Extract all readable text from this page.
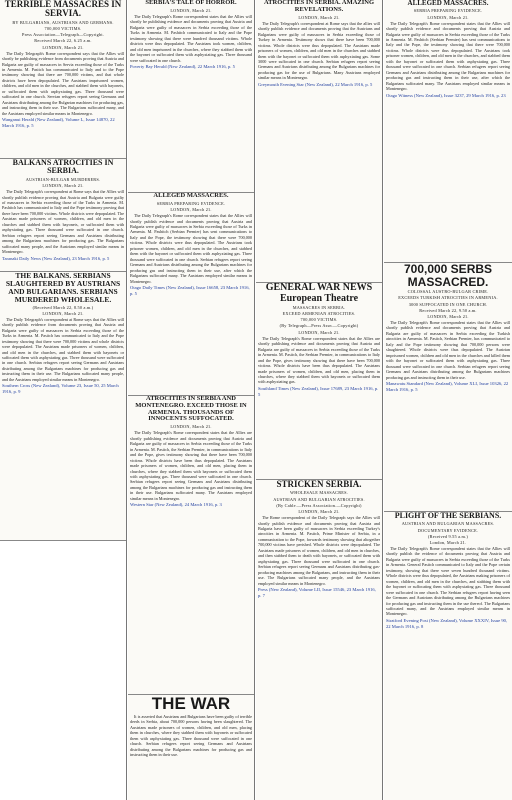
TERRIBLE MASSACRES IN SERVIA.
BY BULGARIANS, AUSTRIANS AND GERMANS.
700,000 VICTIMS.
Press Association—Telegraph—Copyright.
Received March 22, 6.25 a.m.
LONDON, March 21.
The Daily Telegraph's Rome correspondent says that the Allies will shortly be publishing evidence from documents proving that Austria and Bulgaria are guilty of massacres in Servia exceeding those of the Turks in Armenia. M. Pasitch has communicated to Italy and to the Pope testimony showing that there are 700,000 victims, and that whole districts have been depopulated. The Austrians imprisoned women, children, and old men in the churches, and stabbed them with bayonets, or suffocated them with asphyxiating gas. Three thousand were suffocated in one church. Servian refugees report seeing Germans and Austrians distributing among the Bulgarian machines for producing gas, and instructing them in their use. The Bulgarians suffocated many, and the Austrians employed similar means in Montenegro.
Wanganui Herald (New Zealand), Volume L, Issue 14870, 22 March 1916, p. 5
BALKANS ATROCITIES IN SERBIA.
AUSTRIAN-BULGAR MURDERERS.
LONDON, March 21.
The Daily Telegraph's correspondent at Rome says that the Allies will shortly publish evidence proving that Austria and Bulgaria were guilty of massacres in Serbia exceeding those of the Turks in Armenia. M. Pashitch has communicated to Italy and the Pope testimony proving that there have been 700,000 victims. Whole districts were depopulated. The Austrian made prisoners of women, children, and old men in the churches and stabbed them with bayonets, or suffocated them with asphyxiating gas. Three thousand were suffocated in one church. Serbian refugees report seeing Germans and Austrians distributing among the Bulgarians machines for producing gas. The Bulgarians suffocated many people, and the Austrians employed similar means in Montenegro.
Taranaki Daily News (New Zealand), 23 March 1916, p. 5
THE BALKANS. SERBIANS SLAUGHTERED BY AUSTRIANS AND BULGARIANS. SERBIANS MURDERED WHOLESALE.
(Received March 22, 8.50 a.m.)
LONDON, March 21.
The Daily Telegraph's correspondent at Rome says that the Allies will shortly publish evidence from documents proving that Austria and Bulgaria were guilty of massacres in Serbia exceeding those of the Turks in Armenia. M. Pasitch has communicated to Italy and the Pope testimony showing that there were 700,000 victims and whole districts were depopulated. The Austrians made prisoners of women, children, and old men in the churches, and stabbed them with bayonets or suffocated them with asphyxiating gas. Three thousand were suffocated in one church. Serbian refugees report seeing Germans and Austrians distributing among the Bulgarians machines for producing gas and instructing them in their use. The Bulgarians suffocated many people, and the Austrians employed similar means in Montenegro.
Southern Cross (New Zealand), Volume 23, Issue 50, 25 March 1916, p. 9
SERBIA'S TALE OF HORROR.
LONDON, March 21.
The Daily Telegraph's Rome correspondent states that the Allies will shortly be publishing evidence and documents proving that Austria and Bulgaria were guilty of massacres in Serbia exceeding those of the Turks in Armenia. M. Pashitch communicated to Italy and the Pope testimony showing that there were hundred thousand victims. Whole districts were thus depopulated. The Austrians took women, children, and old men imprisoned in the churches, where they stabbed them with the bayonet or suffocated them with asphyxiating gas. Three thousand were suffocated in one church.
Poverty Bay Herald (New Zealand), 22 March 1916, p. 5
ALLEGED MASSACRES.
SERBIA PREPARING EVIDENCE.
LONDON, March 21.
The Daily Telegraph's Rome correspondent states that the Allies will shortly publish evidence and documents proving that Austria and Bulgaria were guilty of massacres in Serbia exceeding those of Turks in Armenia. M. Pashitch (Serbian Premier) has sent communications to Italy and the Pope, the testimony showing that there were 700,000 victims. Whole districts were thus depopulated. The Austrians took prisoner women, children, and old men in the churches, and stabbed them with the bayonet or suffocated them with asphyxiating gas. Three thousand were suffocated in one church. Serbian refugees report seeing Germans and Austrians distributing among the Bulgarians machines for producing gas and instructing them in their use, after which the Bulgarians suffocated many. The Austrians employed similar means in Montenegro.
Otago Daily Times (New Zealand), Issue 16658, 23 March 1916, p. 5
ATROCITIES IN SERBIA AND MONTENEGRO. EXCEED THOSE IN ARMENIA. THOUSANDS OF INNOCENTS SUFFOCATED.
LONDON, March 21.
The Daily Telegraph's Rome correspondent states that the Allies are shortly publishing evidence and documents proving that Austria and Bulgaria are guilty of massacres in Serbia exceeding those of the Turks in Armenia. M. Pasitch, the Serbian Premier, in communications to Italy and the Pope, gives testimony showing that there have been 700,000 victims. Whole districts have been thus depopulated. The Austrians made prisoners of women, children, and old men, placing them in churches, where they stabbed them with bayonets or suffocated them with asphyxiating gas. Three thousand were suffocated in one church. Serbian refugees report seeing Germans and Austrians distributing among the Bulgarians machines for producing gas and instructing them in their use. Bulgarians suffocated many. The Austrians employed similar means in Montenegro.
Western Star (New Zealand), 24 March 1916, p. 3
THE WAR
It is asserted that Austrians and Bulgarians have been guilty of terrible deeds in Serbia, about 700,000 persons having been slaughtered. The Austrians made prisoners of women, children, and old men, placing them in churches, where they stabbed them with bayonets or suffocated them with asphyxiating gas. Three thousand were suffocated in one church. Serbian refugees report seeing Germans and Austrians distributing among the Bulgarians machines for producing gas and instructing them in their use.
ATROCITIES IN SERBIA. AMAZING REVELATIONS.
LONDON, March 21.
The Daily Telegraph's correspondent at Rome says that the allies will shortly publish evidence and documents proving that the Austrians and Bulgarians were guilty of massacres in Serbia exceeding those of Turkey in Armenia. Testimony shows that there have been 700,000 victims. Whole districts were thus depopulated. The Austrians made prisoners of women, children, and old men in the churches and stabbed them with the bayonet or suffocated them with asphyxiating gas. Some 3000 were suffocated in one church. Serbian refugees report seeing Germans and Austrians distributing among the Bulgarians machines for producing gas for the use of Bulgarians. Many Austrians employed similar means in Montenegro.
Greymouth Evening Star (New Zealand), 22 March 1916, p. 5
GENERAL WAR NEWS European Theatre
MASSACRES IN SERBIA.
EXCEED ARMENIAN ATROCITIES.
700,000 VICTIMS.
(By Telegraph—Press Assn.—Copyright)
LONDON, March 21.
The Daily Telegraph's Rome correspondent states that the Allies are shortly publishing evidence and documents proving that Austria and Bulgaria are guilty of massacres in Serbia exceeding those of the Turks in Armenia. M. Pasitch, the Serbian Premier, in communications to Italy and the Pope, gives testimony showing that there have been 700,000 victims. Whole districts have been thus depopulated. The Austrians made prisoners of women, children, and old men, placing them in churches, where they stabbed them with bayonets or suffocated them with asphyxiating gas.
Southland Times (New Zealand), Issue 17689, 23 March 1916, p. 5
STRICKEN SERBIA.
WHOLESALE MASSACRES.
AUSTRIAN AND BULGARIAN ATROCITIES.
(By Cable.—Press Association.—Copyright)
LONDON, March 21.
The Rome correspondent of the Daily Telegraph says the Allies will shortly publish evidence and documents proving that Austria and Bulgaria have been guilty of massacres in Serbia exceeding Turkey's atrocities in Armenia. M. Pasitch, Prime Minister of Serbia, in a communication to the Pope, forwards testimony showing that altogether 700,000 victims have perished. Whole districts were depopulated. The Austrians made prisoners of women, children, and old men in churches, and then stabbed them to death with bayonets, or suffocated them with asphyxiating gas. Three thousand were suffocated in one church. Serbian refugees report seeing Germans and Austrians distributing gas-producing machines among the Bulgarians, and instructing them in their use. The Bulgarians suffocated many people, and the Austrians employed similar means in Montenegro.
Press (New Zealand), Volume LII, Issue 15546, 23 March 1916, p. 7
ALLEGED MASSACRES.
SERBIA PREPARING EVIDENCE.
LONDON, March 21.
The Daily Telegraph's Rome correspondent states that the Allies will shortly publish evidence and documents proving that Austria and Bulgaria were guilty of massacres in Serbia exceeding those of the Turks in Armenia. M. Pashitch (Serbian Premier) has sent communications to Italy and the Pope, the testimony showing that there were 700,000 victims. Whole districts were thus depopulated. The Austrians took prisoner women, children, and old men in the churches, and stabbed them with the bayonet or suffocated them with asphyxiating gas. Three thousand were suffocated in one church. Serbian refugees report seeing Germans and Austrians distributing among the Bulgarians machines for producing gas and instructing them in their use, after which the Bulgarians suffocated many. The Austrians employed similar means in Montenegro.
Otago Witness (New Zealand), Issue 3237, 29 March 1916, p. 23
700,000 SERBS MASSACRED.
COLOSSAL AUSTRO-BULGAR CRIME.
EXCEEDS TURKISH ATROCITIES IN ARMENIA.
3000 SUFFOCATED IN ONE CHURCH.
Received March 22, 9.50 a.m.
LONDON, March 21.
The Daily Telegraph's Rome correspondent states that the Allies will shortly publish evidence and documents proving that Austria and Bulgaria are guilty of massacres in Serbia exceeding the Turkish atrocities in Armenia. M. Pasitch, Serbian Premier, has communicated to Italy and the Pope testimony showing that 700,000 persons were slaughtered. Whole districts were thus depopulated. The Austrian imprisoned women, children and old men in the churches and killed them with the bayonet or suffocated them with asphyxiating gas. Three thousand were suffocated in one church. Serbian refugees report seeing Germans and Austrians distributing among the Bulgarians machines producing gas and instructing them in their use.
Manawatu Standard (New Zealand), Volume XLI, Issue 10326, 22 March 1916, p. 5
PLIGHT OF THE SERBIANS.
AUSTRIAN AND BULGARIAN MASSACRES.
DOCUMENTARY EVIDENCE.
(Received 9.55 a.m.)
London, March 21.
The Daily Telegraph's Rome correspondent states that the Allies will shortly publish the evidence of documents proving that Austria and Bulgaria were guilty of massacres in Serbia exceeding those of the Turks in Armenia. General Pasitch communicated to Italy and the Pope certain testimony, showing that there were seven hundred thousand victims. Whole districts were thus depopulated, the Austrians making prisoners of women, children, and old men in the churches, and stabbing them with the bayonet or suffocating them with asphyxiating gas. Three thousand were suffocated in one church. The Serbian refugees report having seen the Germans and Austrians distributing among the Bulgarians machines for producing gas and instructing them in the use thereof. The Bulgarians suffocated many, and the Austrians employed similar means in Montenegro.
Stratford Evening Post (New Zealand), Volume XXXIV, Issue 90, 22 March 1916, p. 8
